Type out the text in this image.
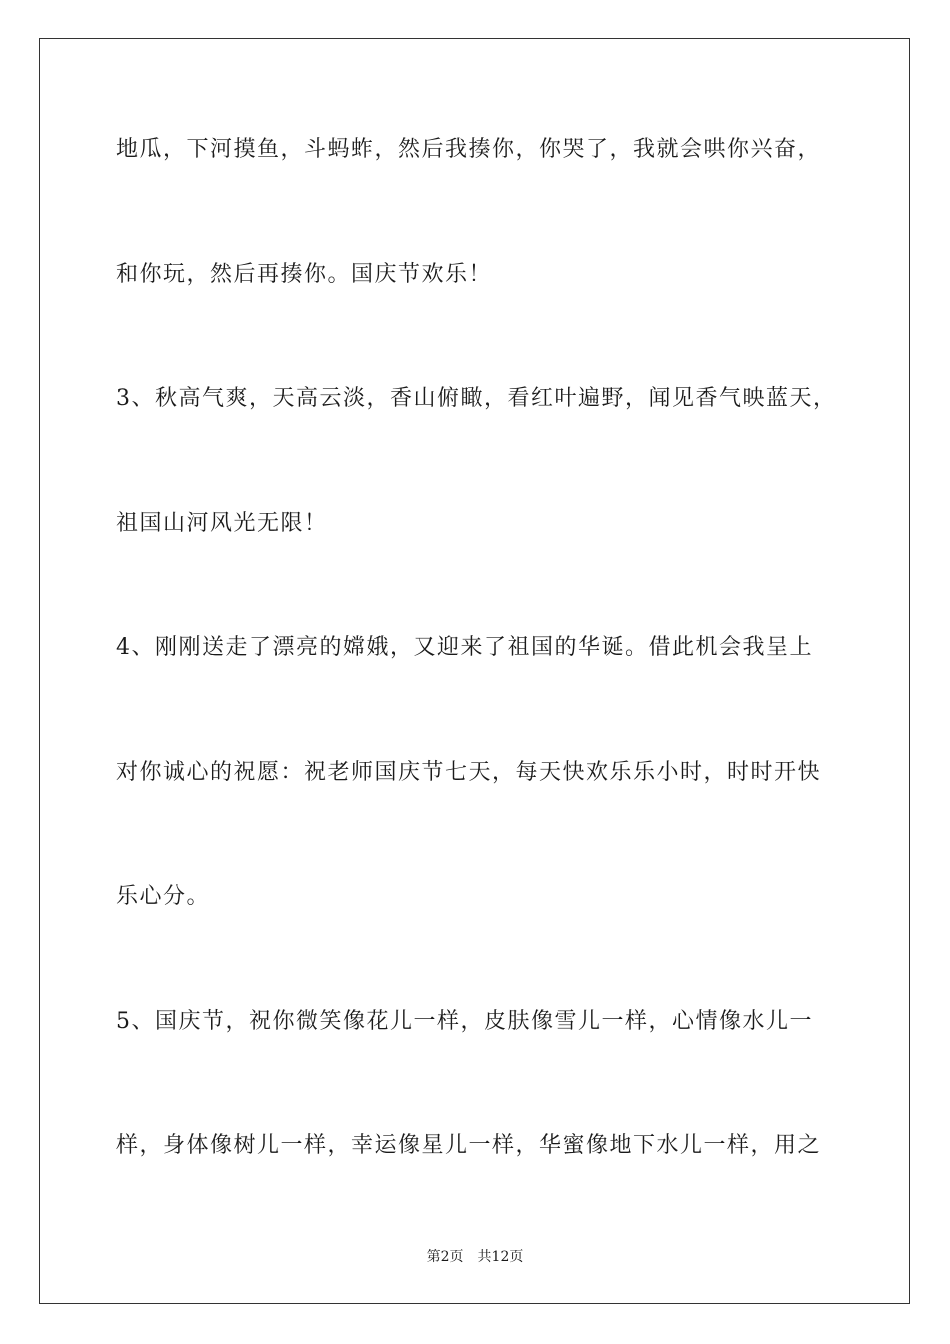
地瓜，下河摸鱼，斗蚂蚱，然后我揍你，你哭了，我就会哄你兴奋，
和你玩，然后再揍你。国庆节欢乐！
3、秋高气爽，天高云淡，香山俯瞰，看红叶遍野，闻见香气映蓝天，
祖国山河风光无限！
4、刚刚送走了漂亮的嫦娥，又迎来了祖国的华诞。借此机会我呈上
对你诚心的祝愿：祝老师国庆节七天，每天快欢乐乐小时，时时开快
乐心分。
5、国庆节，祝你微笑像花儿一样，皮肤像雪儿一样，心情像水儿一
样，身体像树儿一样，幸运像星儿一样，华蜜像地下水儿一样，用之
第2页 共12页
